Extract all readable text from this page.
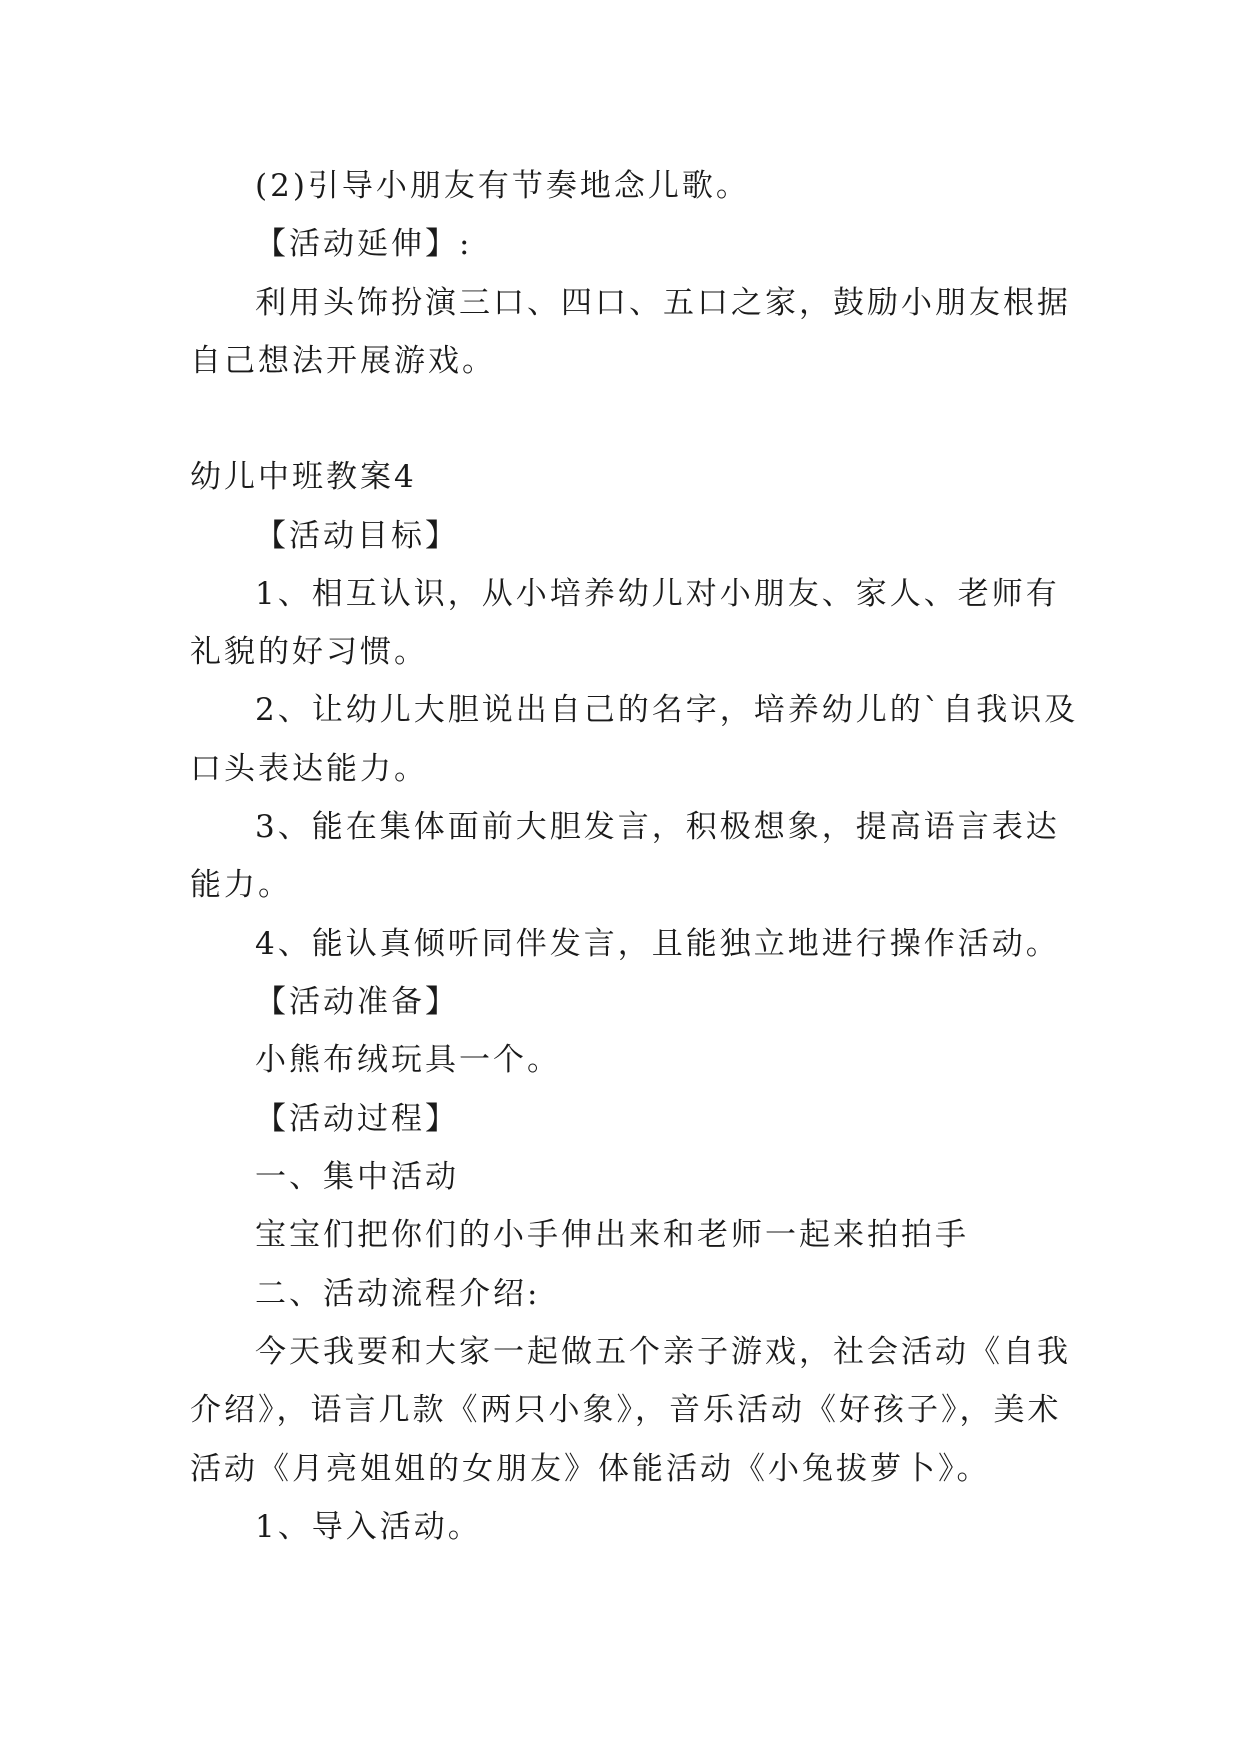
(2)引导小朋友有节奏地念儿歌。
【活动延伸】:
利用头饰扮演三口、四口、五口之家，鼓励小朋友根据
自己想法开展游戏。
幼儿中班教案4
【活动目标】
1、相互认识，从小培养幼儿对小朋友、家人、老师有
礼貌的好习惯。
2、让幼儿大胆说出自己的名字，培养幼儿的`自我识及
口头表达能力。
3、能在集体面前大胆发言，积极想象，提高语言表达
能力。
4、能认真倾听同伴发言，且能独立地进行操作活动。
【活动准备】
小熊布绒玩具一个。
【活动过程】
一、集中活动
宝宝们把你们的小手伸出来和老师一起来拍拍手
二、活动流程介绍:
今天我要和大家一起做五个亲子游戏，社会活动《自我
介绍》，语言几款《两只小象》，音乐活动《好孩子》，美术
活动《月亮姐姐的女朋友》体能活动《小兔拔萝卜》。
1、导入活动。
